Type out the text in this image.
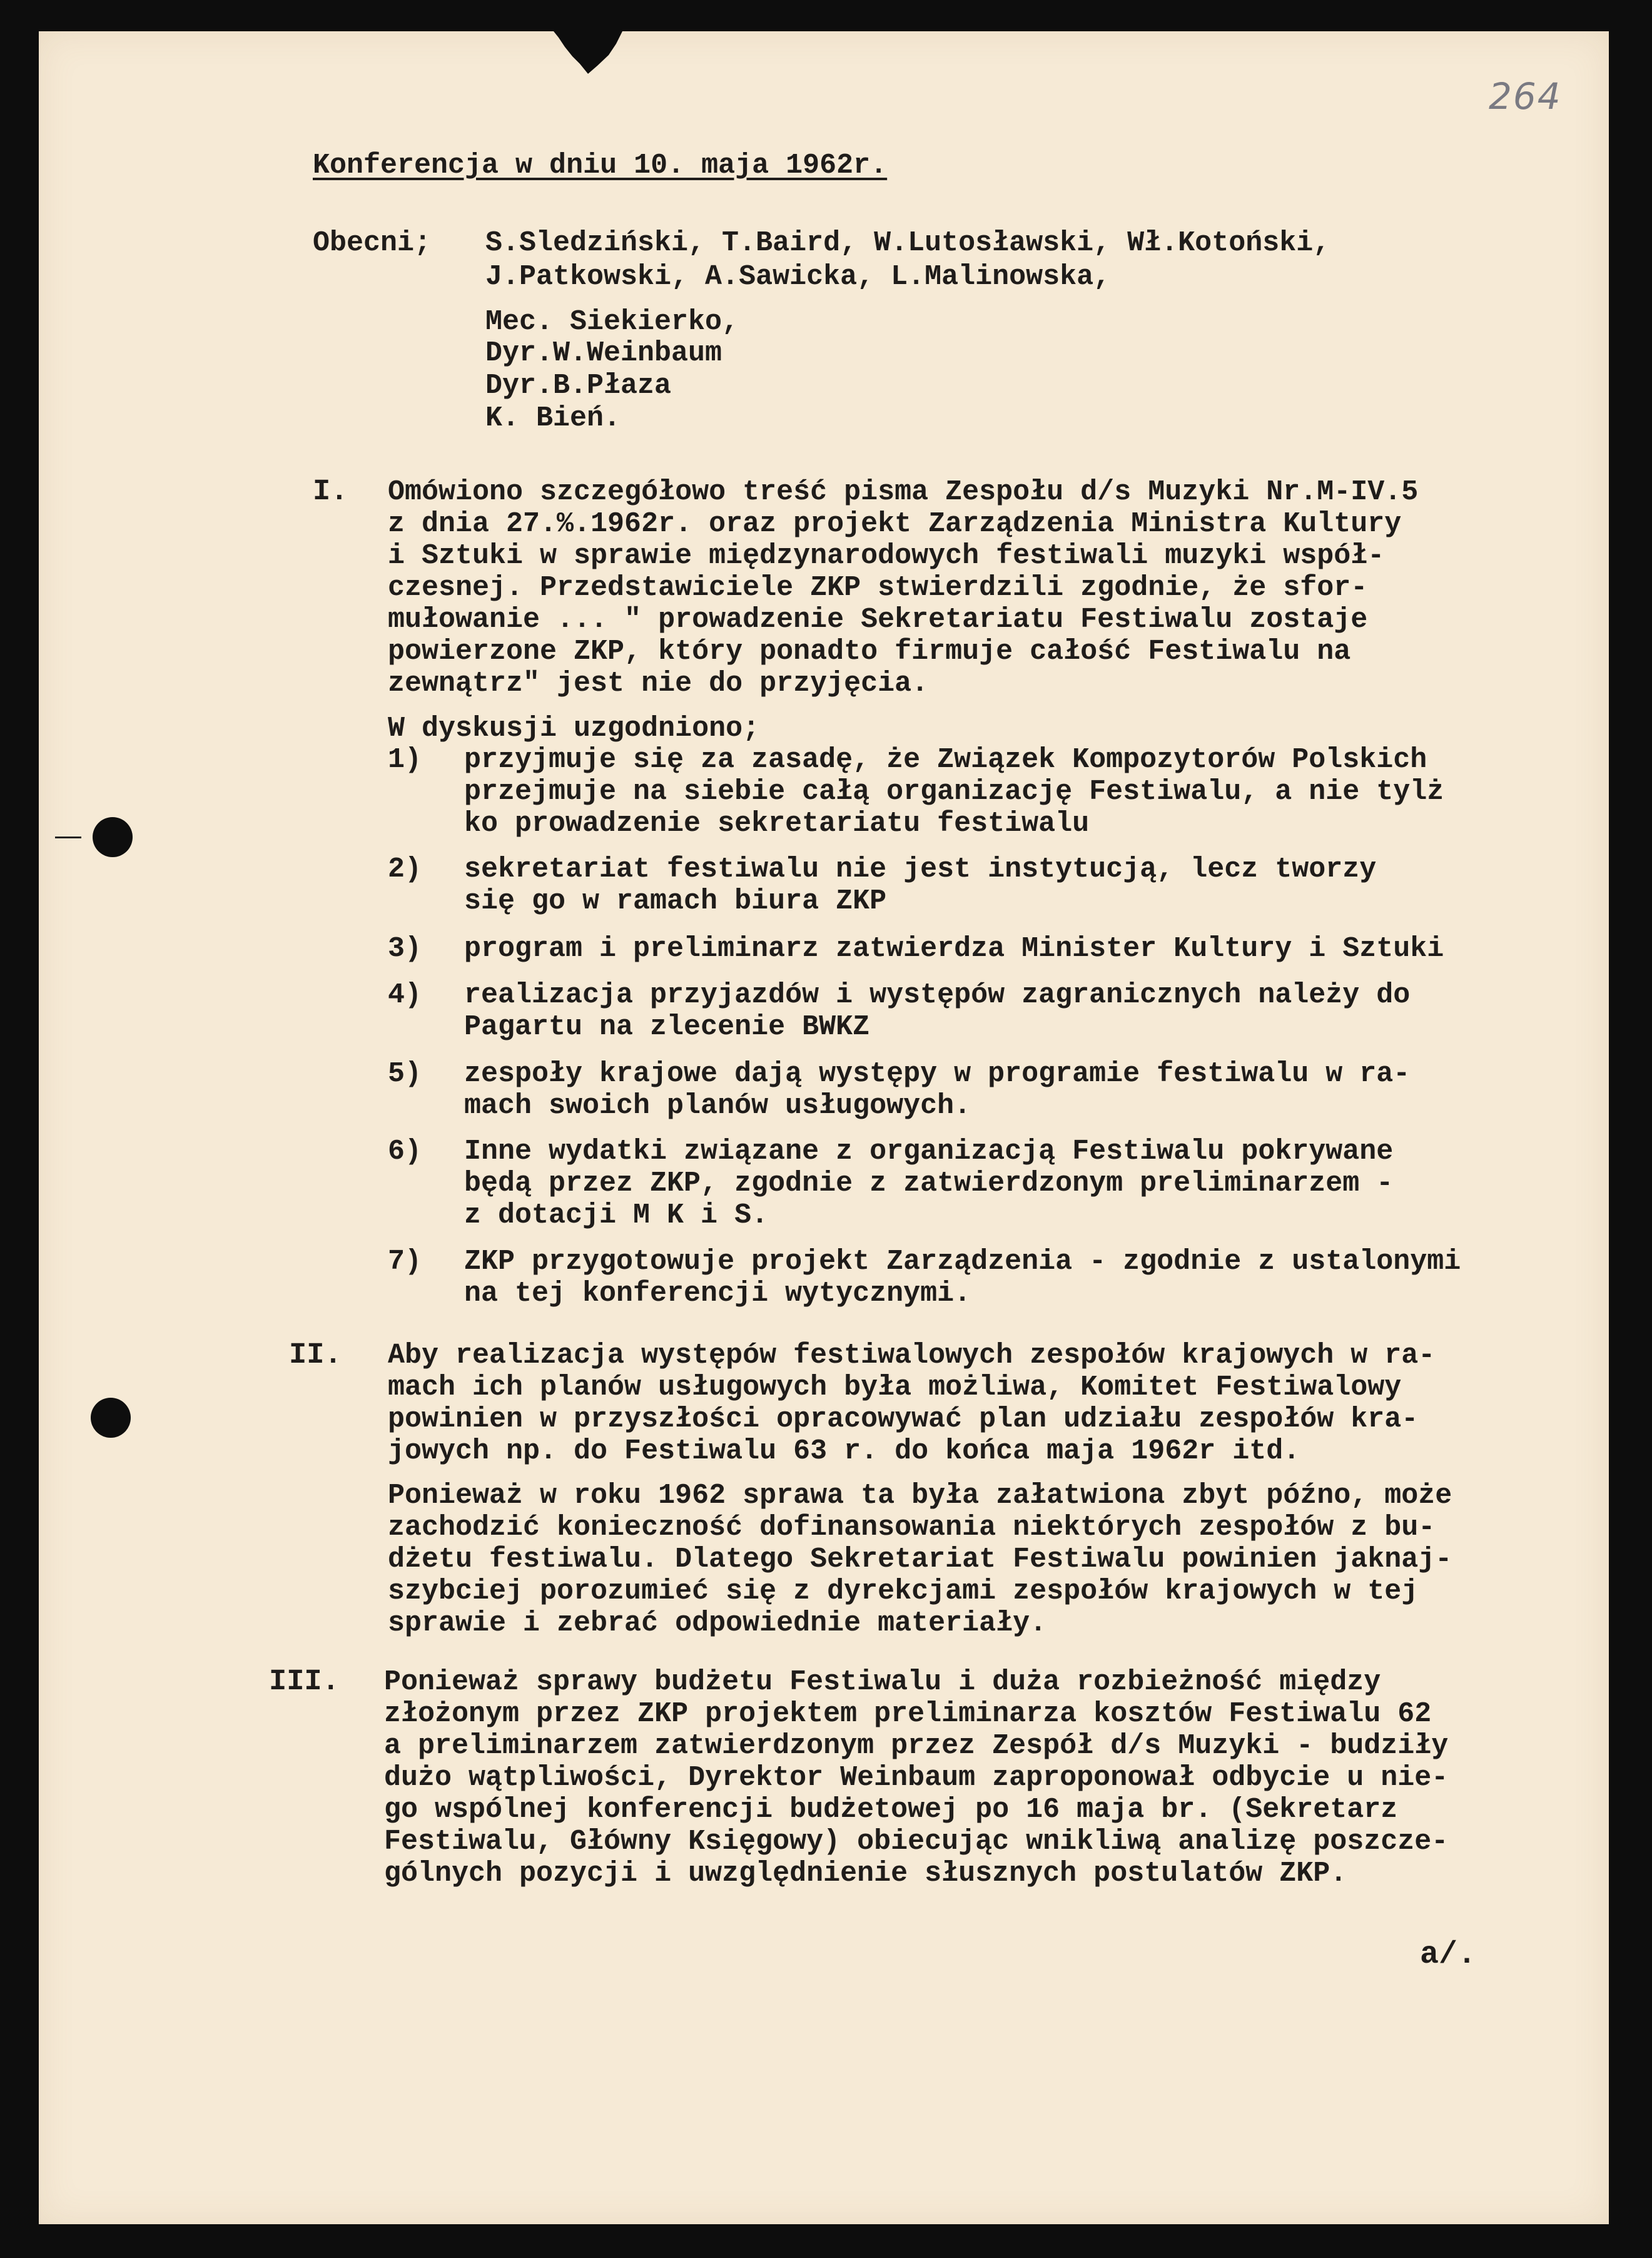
264

Konferencja w dniu 10. maja 1962r.

Obecni; S.Sledziński, T.Baird, W.Lutosławski, Wł.Kotoński,

J.Patkowski, A.Sawicka, L.Malinowska,

Mec. Siekierko,

Dyr.W.Weinbaum

Dyr.B.Płaza

K. Bień.

I. Omówiono szczegółowo treść pisma Zespołu d/s Muzyki Nr.M-IV.5

z dnia 27.%.1962r. oraz projekt Zarządzenia Ministra Kultury

i Sztuki w sprawie międzynarodowych festiwali muzyki współ-

czesnej. Przedstawiciele ZKP stwierdzili zgodnie, że sfor-

mułowanie ... " prowadzenie Sekretariatu Festiwalu zostaje

powierzone ZKP, który ponadto firmuje całość Festiwalu na

zewnątrz" jest nie do przyjęcia.

W dyskusji uzgodniono;

1) przyjmuje się za zasadę, że Związek Kompozytorów Polskich

przejmuje na siebie całą organizację Festiwalu, a nie tylż

ko prowadzenie sekretariatu festiwalu

2) sekretariat festiwalu nie jest instytucją, lecz tworzy

się go w ramach biura ZKP

3) program i preliminarz zatwierdza Minister Kultury i Sztuki

4) realizacja przyjazdów i występów zagranicznych należy do

Pagartu na zlecenie BWKZ

5) zespoły krajowe dają występy w programie festiwalu w ra-

mach swoich planów usługowych.

6) Inne wydatki związane z organizacją Festiwalu pokrywane

będą przez ZKP, zgodnie z zatwierdzonym preliminarzem -

z dotacji M K i S.

7) ZKP przygotowuje projekt Zarządzenia - zgodnie z ustalonymi

na tej konferencji wytycznymi.

II. Aby realizacja występów festiwalowych zespołów krajowych w ra-

mach ich planów usługowych była możliwa, Komitet Festiwalowy

powinien w przyszłości opracowywać plan udziału zespołów kra-

jowych np. do Festiwalu 63 r. do końca maja 1962r itd.

Ponieważ w roku 1962 sprawa ta była załatwiona zbyt późno, może

zachodzić konieczność dofinansowania niektórych zespołów z bu-

dżetu festiwalu. Dlatego Sekretariat Festiwalu powinien jaknaj-

szybciej porozumieć się z dyrekcjami zespołów krajowych w tej

sprawie i zebrać odpowiednie materiały.

III. Ponieważ sprawy budżetu Festiwalu i duża rozbieżność między

złożonym przez ZKP projektem preliminarza kosztów Festiwalu 62

a preliminarzem zatwierdzonym przez Zespół d/s Muzyki - budziły

dużo wątpliwości, Dyrektor Weinbaum zaproponował odbycie u nie-

go wspólnej konferencji budżetowej po 16 maja br. (Sekretarz

Festiwalu, Główny Księgowy) obiecując wnikliwą analizę poszcze-

gólnych pozycji i uwzględnienie słusznych postulatów ZKP.

a/.
